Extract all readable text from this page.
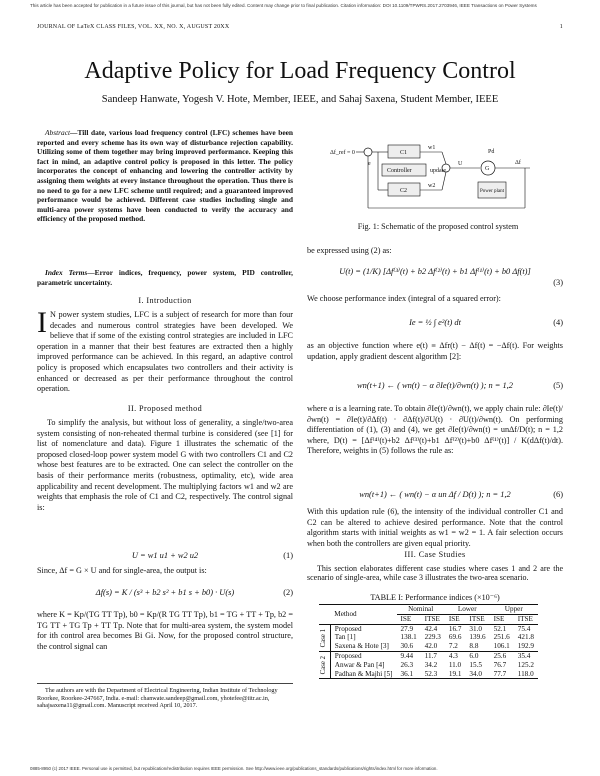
This article has been accepted for publication in a future issue of this journal, but has not been fully edited. Content may change prior to final publication. Citation information: DOI 10.1109/TPWRS.2017.2703946, IEEE Transactions on Power Systems
JOURNAL OF LaTeX CLASS FILES, VOL. XX, NO. X, AUGUST 20XX	1
Adaptive Policy for Load Frequency Control
Sandeep Hanwate, Yogesh V. Hote, Member, IEEE, and Sahaj Saxena, Student Member, IEEE
Abstract—Till date, various load frequency control (LFC) schemes have been reported and every scheme has its own way of disturbance rejection capability. Utilizing some of them together may bring improved performance. Keeping this fact in mind, an adaptive control policy is proposed in this letter. The policy incorporates the concept of enhancing and lowering the controller activity by assigning them weights at every instance throughout the operation. Thus there is no need to go for a new LFC scheme until required; and a guaranteed improved performance would be achieved. Different case studies including single and multi-area power systems have been conducted to verify the accuracy and efficiency of the proposed method.
Index Terms—Error indices, frequency, power system, PID controller, parametric uncertainty.
I. Introduction
I N power system studies, LFC is a subject of research for more than four decades and numerous control strategies have been developed. We believe that if some of the existing control strategies are included in LFC operation in a manner that their best features are extracted then a highly improved performance can be achieved. In this regard, an adaptive control policy is proposed which encapsulates two controllers and their activity is enhanced or decreased as per their performance throughout the control operation.
II. Proposed method
To simplify the analysis, but without loss of generality, a single/two-area system consisting of non-reheated thermal turbine is considered (see [1] for list of nomenclature and data). Figure 1 illustrates the schematic of the proposed closed-loop power system model G with two controllers C1 and C2 whose best features are to be extracted. One can select the controller on the basis of their performance merits (robustness, optimality, etc), wide area applicability and recent development. The multiplying factors w1 and w2 are weights that emphasis the role of C1 and C2, respectively. The control signal is:
U = w1 u1 + w2 u2	(1)
Since, Δf = G × U and for single-area, the output is:
Δf(s) = K / (s³ + b2 s² + b1 s + b0) · U(s)	(2)
where K = Kp/(TG TT Tp), b0 = Kp/(R TG TT Tp), b1 = TG + TT + Tp, b2 = TG TT + TG Tp + TT Tp. Note that for multi-area system, the system model for ith control area becomes Bi Gi. Now, for the proposed control structure, the control signal can
The authors are with the Department of Electrical Engineering, Indian Institute of Technology Roorkee, Roorkee-247667, India. e-mail: chanwate.sandeep@gmail.com, yhotefee@iitr.ac.in, sahajsaxena11@gmail.com. Manuscript received April 10, 2017.
Δf_ref = 0
e
C1
w1
Controller	update
C2
w2
U
G
Pd
Δf
Power plant
Fig. 1: Schematic of the proposed control system
be expressed using (2) as:
U(t) = (1/K) [Δf⁽³⁾(t) + b2 Δf⁽²⁾(t) + b1 Δf⁽¹⁾(t) + b0 Δf(t)]
(3)
We choose performance index (integral of a squared error):
Ie = ½ ∫ e²(t) dt	(4)
as an objective function where e(t) ≡ Δfr(t) − Δf(t) = −Δf(t). For weights updation, apply gradient descent algorithm [2]:
wn(t+1) ← ( wn(t) − α ∂Ie(t)/∂wn(t) ); n = 1,2	(5)
where α is a learning rate. To obtain ∂Ie(t)/∂wn(t), we apply chain rule: ∂Ie(t)/∂wn(t) = ∂Ie(t)/∂Δf(t) · ∂Δf(t)/∂U(t) · ∂U(t)/∂wn(t). On performing differentiation of (1), (3) and (4), we get ∂Ie(t)/∂wn(t) = unΔf/D(t); n = 1,2 where, D(t) = [Δf⁽⁴⁾(t)+b2 Δf⁽³⁾(t)+b1 Δf⁽²⁾(t)+b0 Δf⁽¹⁾(t)] / K(dΔf(t)/dt). Therefore, weights in (5) follows the rule as:
wn(t+1) ← ( wn(t) − α un Δf / D(t) ); n = 1,2	(6)
With this updation rule (6), the intensity of the individual controller C1 and C2 can be altered to achieve desired performance. Note that the control algorithm starts with initial weights as w1 = w2 = 1. A fair selection occurs when both the controllers are given equal priority.
III. Case Studies
TABLE I: Performance indices (×10⁻⁶)
	Method	Nominal		Lower		Upper	
		ISE	ITSE	ISE	ITSE	ISE	ITSE

Case 1	Proposed	27.9	42.4	16.7	31.0	52.1	75.4
	Tan [1]	138.1	229.3	69.6	139.6	251.6	421.8
	Saxena & Hote [3]	30.6	42.0	7.2	8.8	106.1	192.9

Case 2	Proposed	9.44	11.7	4.3	6.0	25.6	35.4
	Anwar & Pan [4]	26.3	34.2	11.0	15.5	76.7	125.2
	Padhan & Majhi [5]	36.1	52.3	19.1	34.0	77.7	118.0
0885-8950 (c) 2017 IEEE. Personal use is permitted, but republication/redistribution requires IEEE permission. See http://www.ieee.org/publications_standards/publications/rights/index.html for more information.
This section elaborates different case studies where cases 1 and 2 are the scenario of single-area, while case 3 illustrates the two-area scenario.
